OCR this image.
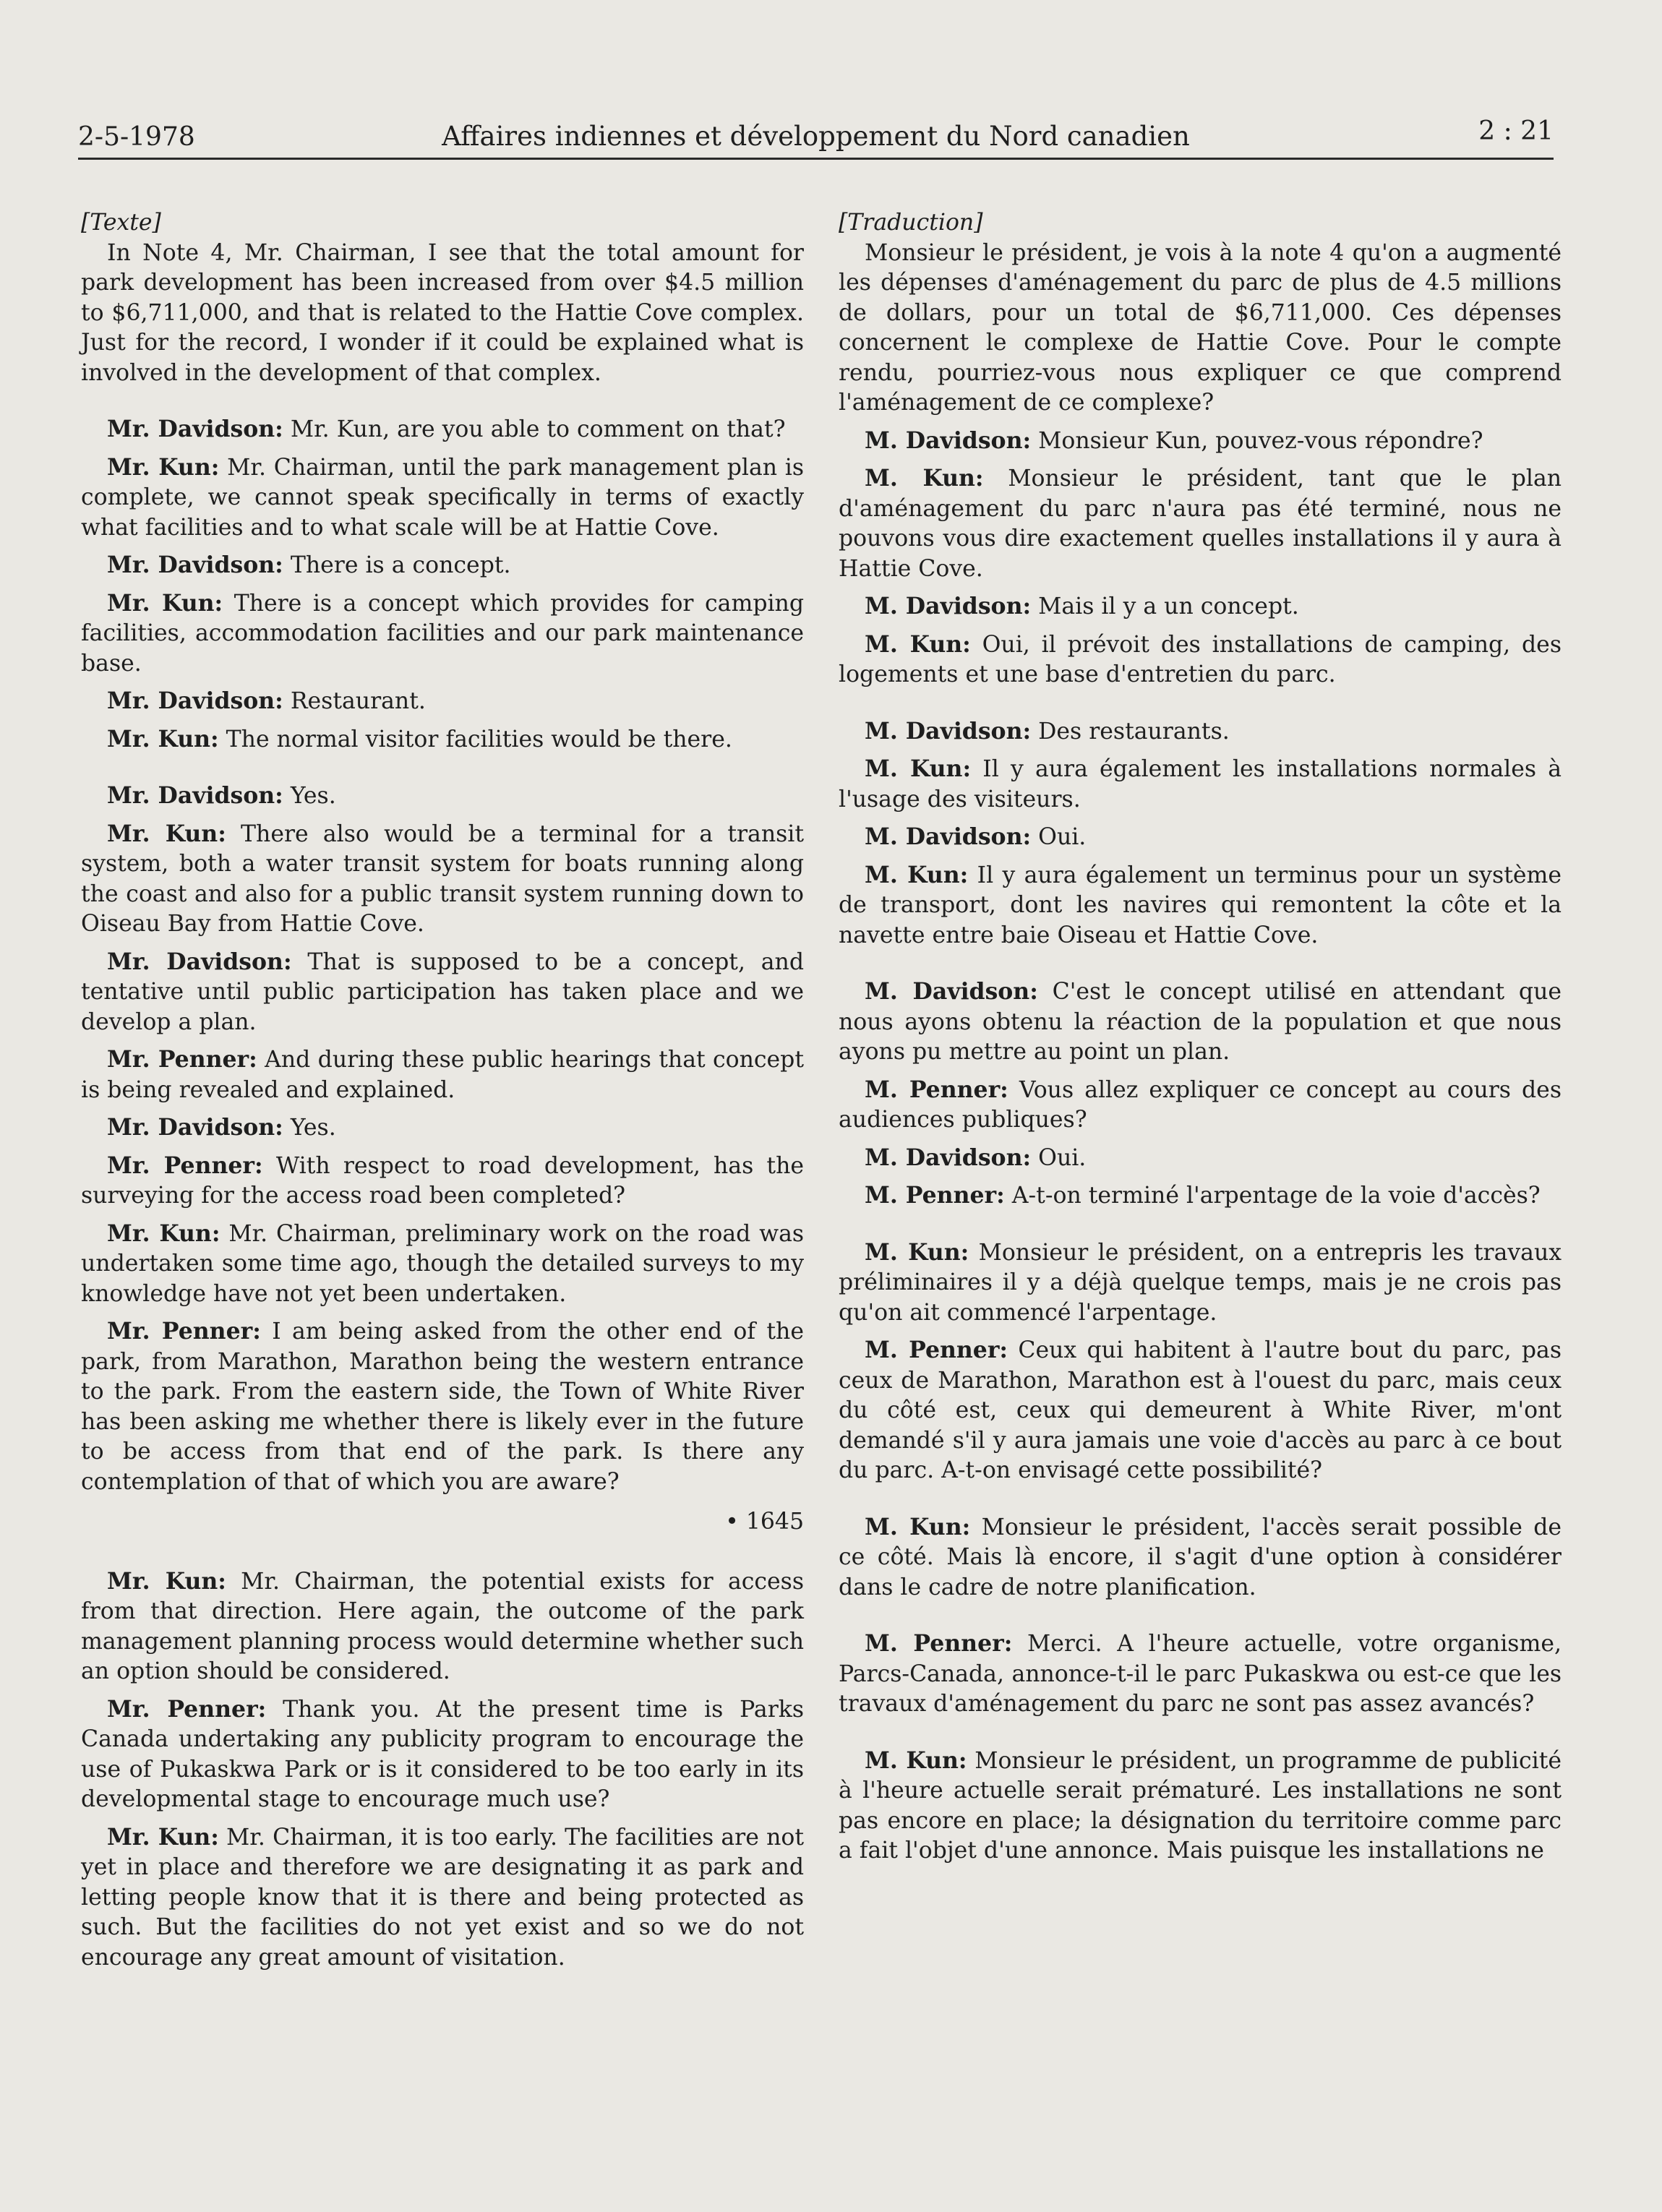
2-5-1978	Affaires indiennes et développement du Nord canadien	2 : 21

[Texte]

In Note 4, Mr. Chairman, I see that the total amount for park development has been increased from over $4.5 million to $6,711,000, and that is related to the Hattie Cove complex. Just for the record, I wonder if it could be explained what is involved in the development of that complex.

Mr. Davidson: Mr. Kun, are you able to comment on that?

Mr. Kun: Mr. Chairman, until the park management plan is complete, we cannot speak specifically in terms of exactly what facilities and to what scale will be at Hattie Cove.

Mr. Davidson: There is a concept.

Mr. Kun: There is a concept which provides for camping facilities, accommodation facilities and our park maintenance base.

Mr. Davidson: Restaurant.

Mr. Kun: The normal visitor facilities would be there.

Mr. Davidson: Yes.

Mr. Kun: There also would be a terminal for a transit system, both a water transit system for boats running along the coast and also for a public transit system running down to Oiseau Bay from Hattie Cove.

Mr. Davidson: That is supposed to be a concept, and tentative until public participation has taken place and we develop a plan.

Mr. Penner: And during these public hearings that concept is being revealed and explained.

Mr. Davidson: Yes.

Mr. Penner: With respect to road development, has the surveying for the access road been completed?

Mr. Kun: Mr. Chairman, preliminary work on the road was undertaken some time ago, though the detailed surveys to my knowledge have not yet been undertaken.

Mr. Penner: I am being asked from the other end of the park, from Marathon, Marathon being the western entrance to the park. From the eastern side, the Town of White River has been asking me whether there is likely ever in the future to be access from that end of the park. Is there any contemplation of that of which you are aware?

• 1645

Mr. Kun: Mr. Chairman, the potential exists for access from that direction. Here again, the outcome of the park management planning process would determine whether such an option should be considered.

Mr. Penner: Thank you. At the present time is Parks Canada undertaking any publicity program to encourage the use of Pukaskwa Park or is it considered to be too early in its developmental stage to encourage much use?

Mr. Kun: Mr. Chairman, it is too early. The facilities are not yet in place and therefore we are designating it as park and letting people know that it is there and being protected as such. But the facilities do not yet exist and so we do not encourage any great amount of visitation.

[Traduction]

Monsieur le président, je vois à la note 4 qu'on a augmenté les dépenses d'aménagement du parc de plus de 4.5 millions de dollars, pour un total de $6,711,000. Ces dépenses concernent le complexe de Hattie Cove. Pour le compte rendu, pourriez-vous nous expliquer ce que comprend l'aménagement de ce complexe?

M. Davidson: Monsieur Kun, pouvez-vous répondre?

M. Kun: Monsieur le président, tant que le plan d'aménagement du parc n'aura pas été terminé, nous ne pouvons vous dire exactement quelles installations il y aura à Hattie Cove.

M. Davidson: Mais il y a un concept.

M. Kun: Oui, il prévoit des installations de camping, des logements et une base d'entretien du parc.

M. Davidson: Des restaurants.

M. Kun: Il y aura également les installations normales à l'usage des visiteurs.

M. Davidson: Oui.

M. Kun: Il y aura également un terminus pour un système de transport, dont les navires qui remontent la côte et la navette entre baie Oiseau et Hattie Cove.

M. Davidson: C'est le concept utilisé en attendant que nous ayons obtenu la réaction de la population et que nous ayons pu mettre au point un plan.

M. Penner: Vous allez expliquer ce concept au cours des audiences publiques?

M. Davidson: Oui.

M. Penner: A-t-on terminé l'arpentage de la voie d'accès?

M. Kun: Monsieur le président, on a entrepris les travaux préliminaires il y a déjà quelque temps, mais je ne crois pas qu'on ait commencé l'arpentage.

M. Penner: Ceux qui habitent à l'autre bout du parc, pas ceux de Marathon, Marathon est à l'ouest du parc, mais ceux du côté est, ceux qui demeurent à White River, m'ont demandé s'il y aura jamais une voie d'accès au parc à ce bout du parc. A-t-on envisagé cette possibilité?

M. Kun: Monsieur le président, l'accès serait possible de ce côté. Mais là encore, il s'agit d'une option à considérer dans le cadre de notre planification.

M. Penner: Merci. A l'heure actuelle, votre organisme, Parcs-Canada, annonce-t-il le parc Pukaskwa ou est-ce que les travaux d'aménagement du parc ne sont pas assez avancés?

M. Kun: Monsieur le président, un programme de publicité à l'heure actuelle serait prématuré. Les installations ne sont pas encore en place; la désignation du territoire comme parc a fait l'objet d'une annonce. Mais puisque les installations ne
